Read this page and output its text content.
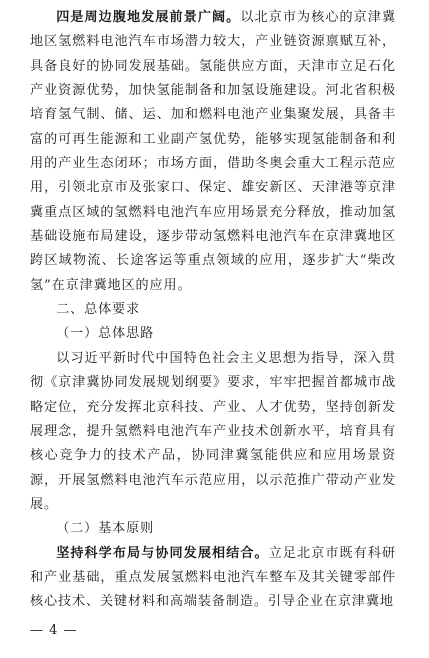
四是周边腹地发展前景广阔。以北京市为核心的京津冀地区氢燃料电池汽车市场潜力较大，产业链资源禀赋互补，具备良好的协同发展基础。氢能供应方面，天津市立足石化产业资源优势，加快氢能制备和加氢设施建设。河北省积极培育氢气制、储、运、加和燃料电池产业集聚发展，具备丰富的可再生能源和工业副产氢优势，能够实现氢能制备和利用的产业生态闭环；市场方面，借助冬奥会重大工程示范应用，引领北京市及张家口、保定、雄安新区、天津港等京津冀重点区域的氢燃料电池汽车应用场景充分释放，推动加氢基础设施布局建设，逐步带动氢燃料电池汽车在京津冀地区跨区域物流、长途客运等重点领域的应用，逐步扩大“柴改氢”在京津冀地区的应用。

二、总体要求

（一）总体思路

以习近平新时代中国特色社会主义思想为指导，深入贯彻《京津冀协同发展规划纲要》要求，牢牢把握首都城市战略定位，充分发挥北京科技、产业、人才优势，坚持创新发展理念，提升氢燃料电池汽车产业技术创新水平，培育具有核心竞争力的技术产品，协同津冀氢能供应和应用场景资源，开展氢燃料电池汽车示范应用，以示范推广带动产业发展。

（二）基本原则

坚持科学布局与协同发展相结合。立足北京市既有科研和产业基础，重点发展氢燃料电池汽车整车及其关键零部件核心技术、关键材料和高端装备制造。引导企业在京津冀地

— 4 —
